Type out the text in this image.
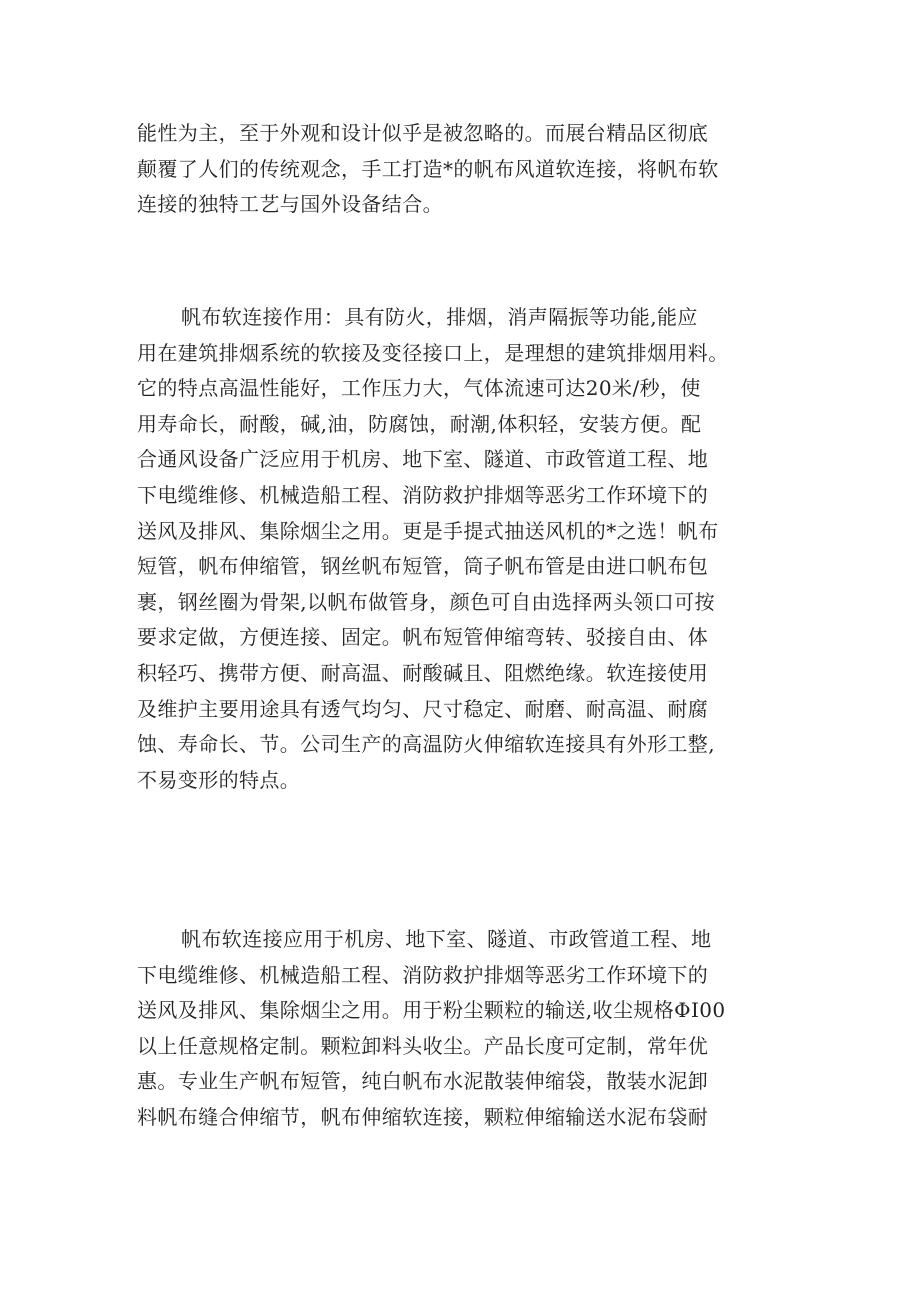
能性为主，至于外观和设计似乎是被忽略的。而展台精品区彻底
颠覆了人们的传统观念，手工打造*的帆布风道软连接，将帆布软
连接的独特工艺与国外设备结合。

帆布软连接作用：具有防火，排烟，消声隔振等功能,能应
用在建筑排烟系统的软接及变径接口上，是理想的建筑排烟用料。
它的特点高温性能好，工作压力大，气体流速可达20米/秒，使
用寿命长，耐酸，碱,油，防腐蚀，耐潮,体积轻，安装方便。配
合通风设备广泛应用于机房、地下室、隧道、市政管道工程、地
下电缆维修、机械造船工程、消防救护排烟等恶劣工作环境下的
送风及排风、集除烟尘之用。更是手提式抽送风机的*之选！帆布
短管，帆布伸缩管，钢丝帆布短管，筒子帆布管是由进口帆布包
裹，钢丝圈为骨架,以帆布做管身，颜色可自由选择两头领口可按
要求定做，方便连接、固定。帆布短管伸缩弯转、驳接自由、体
积轻巧、携带方便、耐高温、耐酸碱且、阻燃绝缘。软连接使用
及维护主要用途具有透气均匀、尺寸稳定、耐磨、耐高温、耐腐
蚀、寿命长、节。公司生产的高温防火伸缩软连接具有外形工整,
不易变形的特点。

帆布软连接应用于机房、地下室、隧道、市政管道工程、地
下电缆维修、机械造船工程、消防救护排烟等恶劣工作环境下的
送风及排风、集除烟尘之用。用于粉尘颗粒的输送,收尘规格ΦI00
以上任意规格定制。颗粒卸料头收尘。产品长度可定制，常年优
惠。专业生产帆布短管，纯白帆布水泥散装伸缩袋，散装水泥卸
料帆布缝合伸缩节，帆布伸缩软连接，颗粒伸缩输送水泥布袋耐
